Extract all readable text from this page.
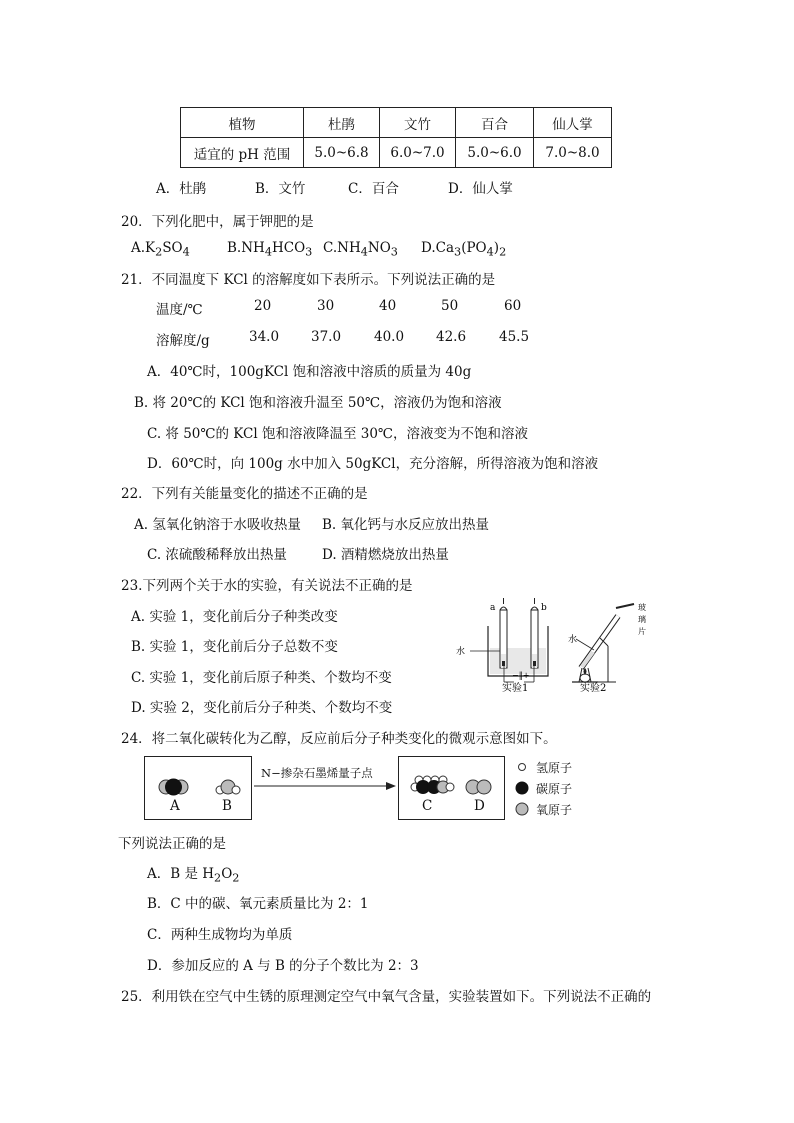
植物	杜鹃	文竹	百合	仙人掌
适宜的 pH 范围	5.0~6.8	6.0~7.0	5.0~6.0	7.0~8.0
A．杜鹃	B．文竹	C．百合	D．仙人掌
20．下列化肥中，属于钾肥的是
$A.K_2SO_4$	$B.NH_4HCO_3$ $C.NH_4NO_3$ $D.Ca_3(PO_4)_2$
21．不同温度下 KCl 的溶解度如下表所示。下列说法正确的是
温度/℃	20	30	40	50	60
溶解度/g	34.0 37.0 40.0 42.6 45.5
A．40℃时，100gKCl 饱和溶液中溶质的质量为 40g
B. 将 20℃的 KCl 饱和溶液升温至 50℃，溶液仍为饱和溶液
C. 将 50℃的 KCl 饱和溶液降温至 30℃，溶液变为不饱和溶液
D．60℃时，向 100g 水中加入 50gKCl，充分溶解，所得溶液为饱和溶液
22．下列有关能量变化的描述不正确的是
A. 氢氧化钠溶于水吸收热量 B. 氧化钙与水反应放出热量
C. 浓硫酸稀释放出热量	D. 酒精燃烧放出热量
23.下列两个关于水的实验，有关说法不正确的是
A. 实验 1，变化前后分子种类改变
B. 实验 1，变化前后分子总数不变
C. 实验 1，变化前后原子种类、个数均不变
D. 实验 2，变化前后分子种类、个数均不变
a	b
水
−‖+
实验1
水
玻
璃
片
实验2
24．将二氧化碳转化为乙醇，反应前后分子种类变化的微观示意图如下。
A	B
N−掺杂石墨烯量子点
C	D
氢原子
碳原子
氧原子
下列说法正确的是
A．B 是 $H_2O_2$
B．C 中的碳、氧元素质量比为 2：1
C．两种生成物均为单质
D．参加反应的 A 与 B 的分子个数比为 2：3
25．利用铁在空气中生锈的原理测定空气中氧气含量，实验装置如下。下列说法不正确的
